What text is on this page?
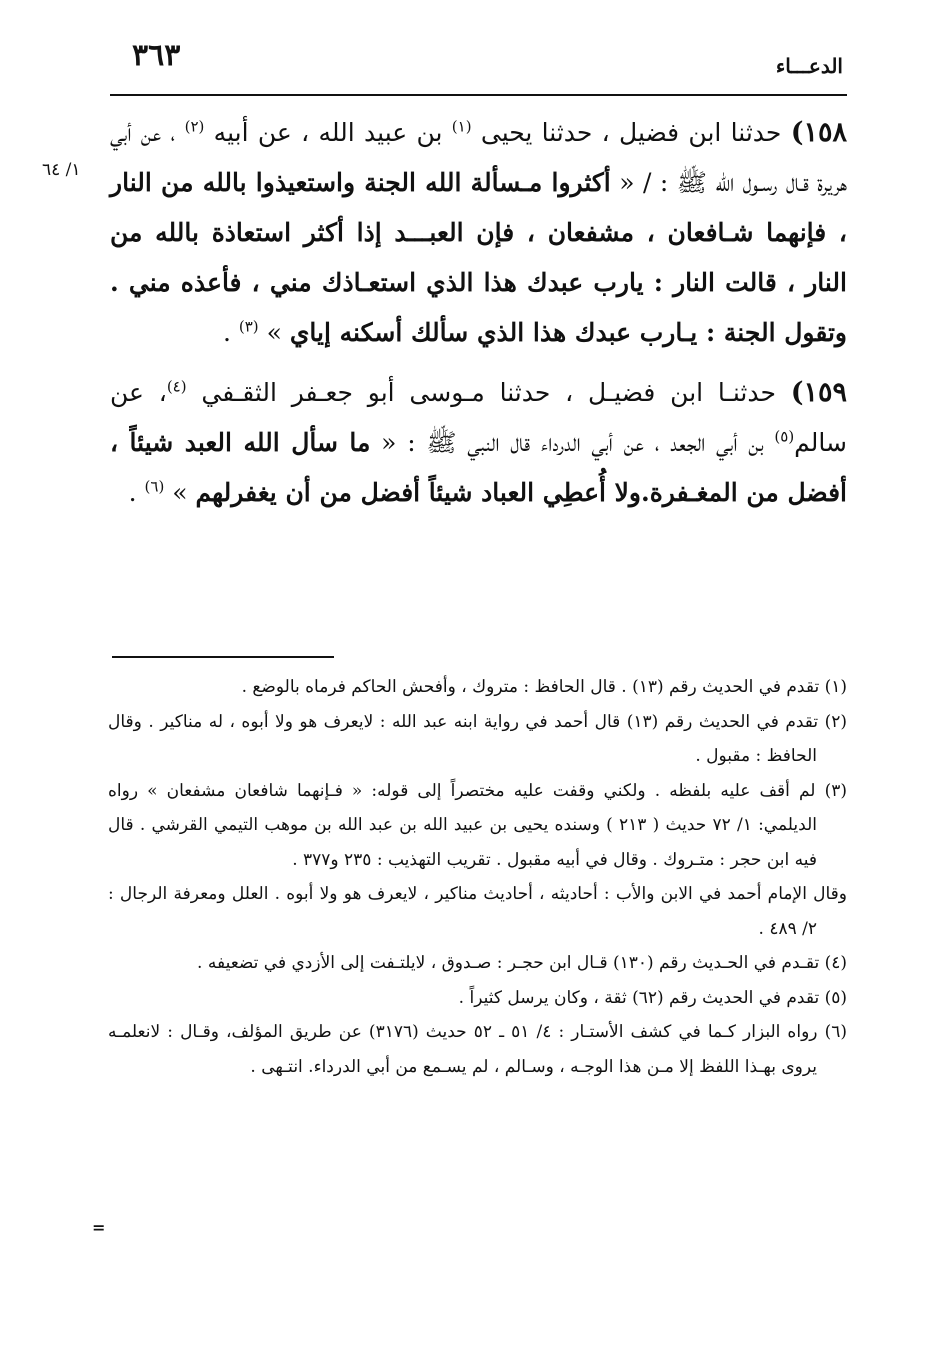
٣٦٣	الدعـــاء
١/ ٦٤

١٥٨) حدثنا ابن فضيل ، حدثنا يحيى $^{(١)}$ بن عبيد الله ، عن أبيه $^{(٢)}$ ، عن أبي هريرة قـال رسـول الله ﷺ : / « أكثروا مـسألة الله الجنة واستعيذوا بالله من النار ، فإنهما شـافعان ، مشفعان ، فإن العبـــد إذا أكثر استعاذة بالله من النار ، قالت النار : يارب عبدك هذا الذي استعـاذك مني ، فأعذه مني . وتقول الجنة : يـارب عبدك هذا الذي سألك أسكنه إياي » $^{(٣)}$ .

١٥٩) حدثنـا ابن فضيـل ، حدثنا مـوسى أبو جعـفر الثقـفي $^{(٤)}$، عن سالم$^{(٥)}$ بن أبي الجعد ، عن أبي الدرداء قال النبي ﷺ : « ما سأل الله العبد شيئاً ، أفضل من المغـفرة.ولا أُعطِي العباد شيئاً أفضل من أن يغفرلهم » $^{(٦)}$ .

(١) تقدم في الحديث رقم (١٣) . قال الحافظ : متروك ، وأفحش الحاكم فرماه بالوضع .

(٢) تقدم في الحديث رقم (١٣) قال أحمد في رواية ابنه عبد الله : لايعرف هو ولا أبوه ، له مناكير . وقال الحافظ : مقبول .

(٣) لم أقف عليه بلفظه . ولكني وقفت عليه مختصراً إلى قوله: « فـإنهما شافعان مشفعان » رواه الديلمي: ١/ ٧٢ حديث ( ٢١٣ ) وسنده يحيى بن عبيد الله بن عبد الله بن موهب التيمي القرشي . قال فيه ابن حجر : متـروك . وقال في أبيه مقبول . تقريب التهذيب : ٢٣٥ و٣٧٧ .

وقال الإمام أحمد في الابن والأب : أحاديثه ، أحاديث مناكير ، لايعرف هو ولا أبوه . العلل ومعرفة الرجال : ٢/ ٤٨٩ .

(٤) تقـدم في الحـديث رقم (١٣٠) قـال ابن حجـر : صـدوق ، لايلتـفت إلى الأزدي في تضعيفه .

(٥) تقدم في الحديث رقم (٦٢) ثقة ، وكان يرسل كثيراً .

(٦) رواه البزار كـما في كشف الأستـار : ٤/ ٥١ ـ ٥٢ حديث (٣١٧٦) عن طريق المؤلف، وقـال : لانعلمـه يروى بهـذا اللفظ إلا مـن هذا الوجـه ، وسـالم ، لم يسـمع من أبي الدرداء. انتـهى .

=
